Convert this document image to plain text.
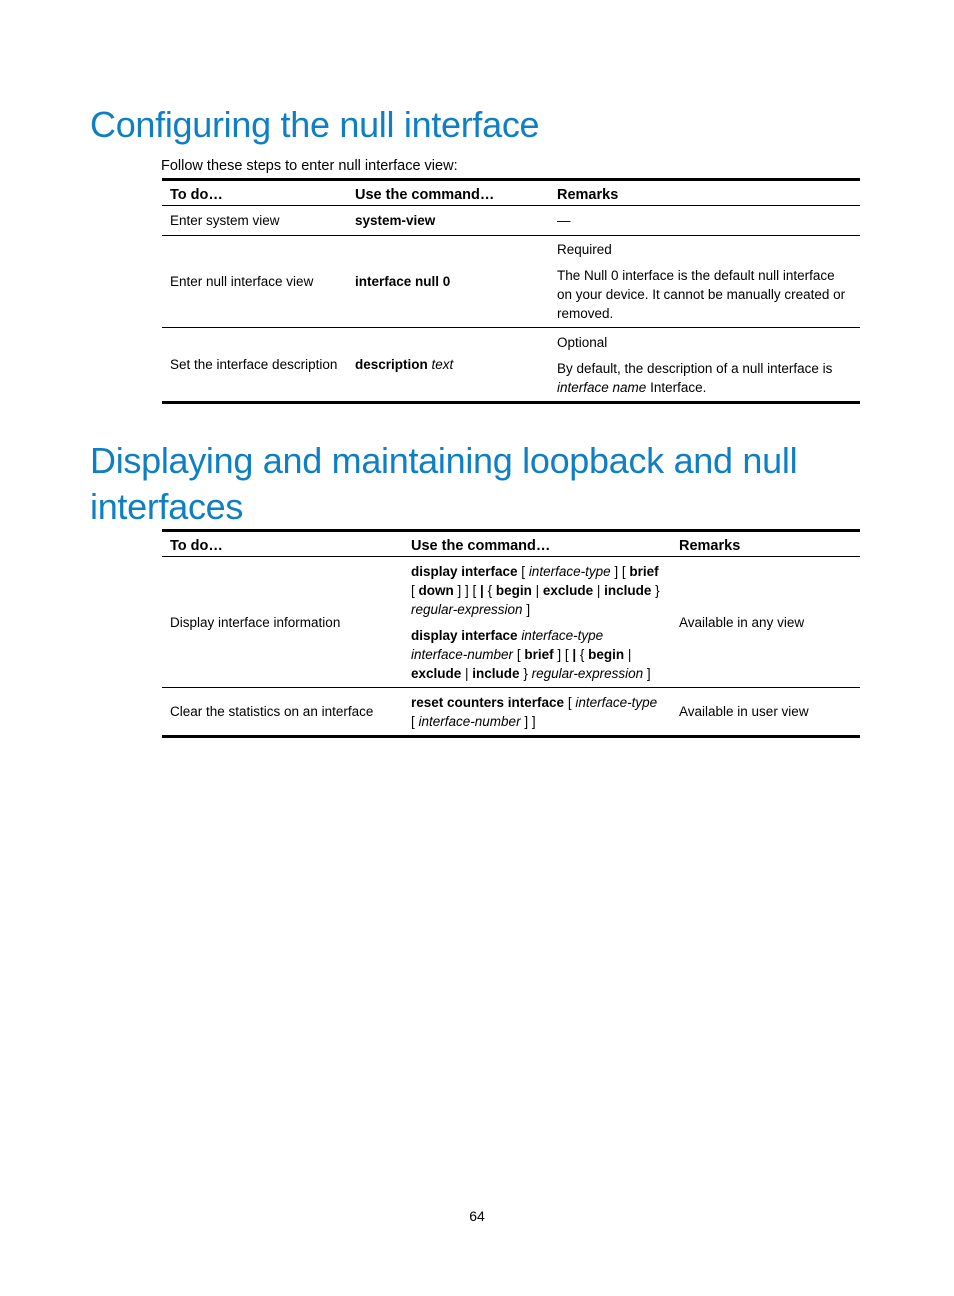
Configuring the null interface
Follow these steps to enter null interface view:
To do…	Use the command…	Remarks
Enter system view	system-view	—

Enter null interface view	interface null 0	Required

The Null 0 interface is the default null interface on your device. It cannot be manually created or removed.

Set the interface description	description text	Optional

By default, the description of a null interface is interface name Interface.

Displaying and maintaining loopback and null interfaces
To do…	Use the command…	Remarks
Display interface information	display interface [ interface-type ] [ brief [ down ] ] [ | { begin | exclude | include } regular-expression ]

display interface interface-type interface-number [ brief ] [ | { begin | exclude | include } regular-expression ]	Available in any view
Clear the statistics on an interface	reset counters interface [ interface-type [ interface-number ] ]	Available in user view
64
